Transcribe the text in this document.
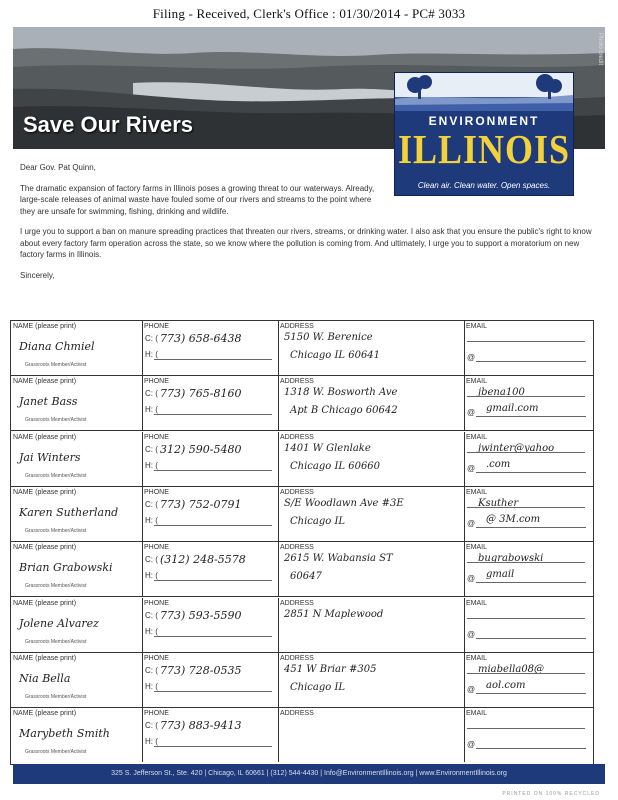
Filing - Received, Clerk's Office : 01/30/2014 - PC# 3033
Photo credit
Save Our Rivers	ENVIRONMENT
ILLINOIS
Clean air. Clean water. Open spaces.

Dear Gov. Pat Quinn,

The dramatic expansion of factory farms in Illinois poses a growing threat to our waterways. Already, large-scale releases of animal waste have fouled some of our rivers and streams to the point where they are unsafe for swimming, fishing, drinking and wildlife.

I urge you to support a ban on manure spreading practices that threaten our rivers, streams, or drinking water. I also ask that you ensure the public's right to know about every factory farm operation across the state, so we know where the pollution is coming from. And ultimately, I urge you to support a moratorium on new factory farms in Illinois.

Sincerely,

NAME (please print)
Diana Chmiel
Grassroots Member/Activist
PHONE
C: ( 773) 658-6438
H: (
ADDRESS
5150 W. Berenice
Chicago IL 60641
EMAIL
@
NAME (please print)
Janet Bass
Grassroots Member/Activist
PHONE
C: ( 773) 765-8160
H: (
ADDRESS
1318 W. Bosworth Ave
Apt B Chicago 60642
EMAIL
jbena100
@ gmail.com
NAME (please print)
Jai Winters
Grassroots Member/Activist
PHONE
C: ( 312) 590-5480
H: (
ADDRESS
1401 W Glenlake
Chicago IL 60660
EMAIL
jwinter@yahoo
@ .com
NAME (please print)
Karen Sutherland
Grassroots Member/Activist
PHONE
C: ( 773) 752-0791
H: (
ADDRESS
S/E Woodlawn Ave #3E
Chicago IL
EMAIL
Ksuther
@ @ 3M.com
NAME (please print)
Brian Grabowski
Grassroots Member/Activist
PHONE
C: ( (312) 248-5578
H: (
ADDRESS
2615 W. Wabansia ST
60647
EMAIL
bugrabowski
@ gmail
NAME (please print)
Jolene Alvarez
Grassroots Member/Activist
PHONE
C: ( 773) 593-5590
H: (
ADDRESS
2851 N Maplewood
EMAIL
@
NAME (please print)
Nia Bella
Grassroots Member/Activist
PHONE
C: ( 773) 728-0535
H: (
ADDRESS
451 W Briar #305
Chicago IL
EMAIL
miabella08@
@ aol.com
NAME (please print)
Marybeth Smith
Grassroots Member/Activist
PHONE
C: ( 773) 883-9413
H: (
ADDRESS	EMAIL
@
325 S. Jefferson St., Ste. 420 | Chicago, IL 60661 | (312) 544-4430 | Info@EnvironmentIllinois.org | www.EnvironmentIllinois.org
PRINTED ON 100% RECYCLED
